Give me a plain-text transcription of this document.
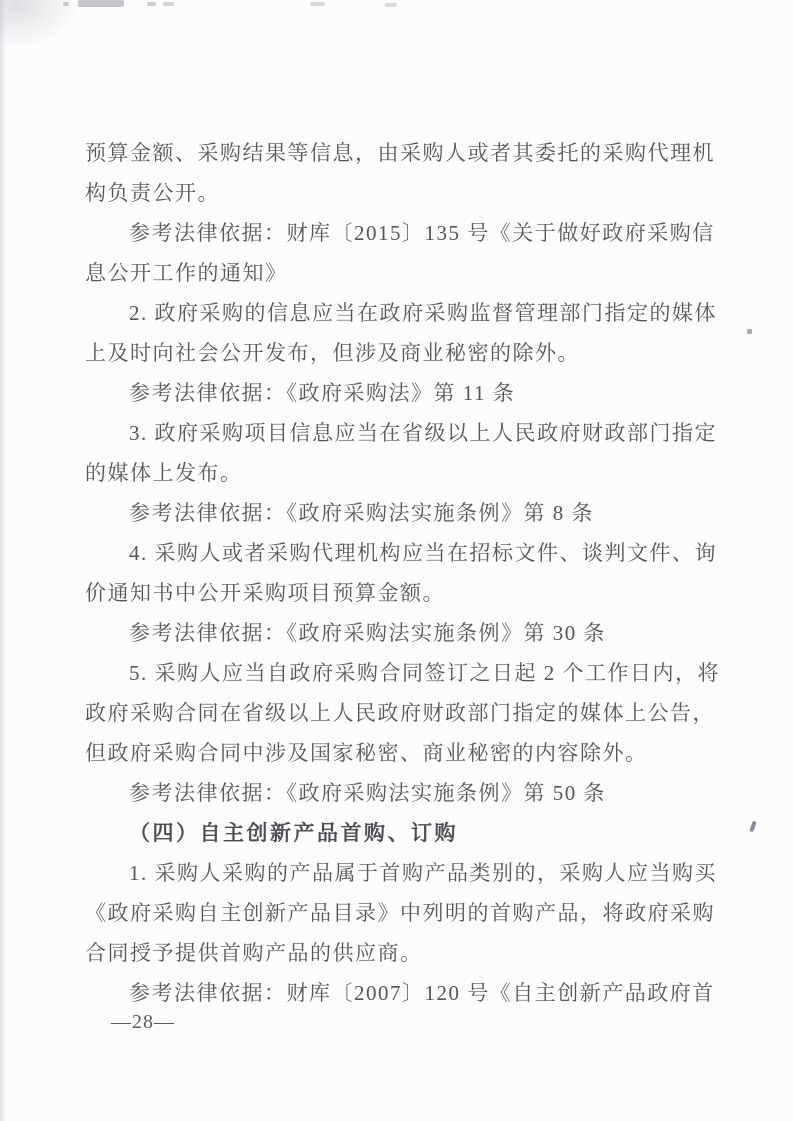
预算金额、采购结果等信息，由采购人或者其委托的采购代理机
构负责公开。
参考法律依据：财库〔2015〕135 号《关于做好政府采购信
息公开工作的通知》
2. 政府采购的信息应当在政府采购监督管理部门指定的媒体
上及时向社会公开发布，但涉及商业秘密的除外。
参考法律依据：《政府采购法》第 11 条
3. 政府采购项目信息应当在省级以上人民政府财政部门指定
的媒体上发布。
参考法律依据：《政府采购法实施条例》第 8 条
4. 采购人或者采购代理机构应当在招标文件、谈判文件、询
价通知书中公开采购项目预算金额。
参考法律依据：《政府采购法实施条例》第 30 条
5. 采购人应当自政府采购合同签订之日起 2 个工作日内，将
政府采购合同在省级以上人民政府财政部门指定的媒体上公告，
但政府采购合同中涉及国家秘密、商业秘密的内容除外。
参考法律依据：《政府采购法实施条例》第 50 条
（四）自主创新产品首购、订购
1. 采购人采购的产品属于首购产品类别的，采购人应当购买
《政府采购自主创新产品目录》中列明的首购产品，将政府采购
合同授予提供首购产品的供应商。
参考法律依据：财库〔2007〕120 号《自主创新产品政府首
—28—
